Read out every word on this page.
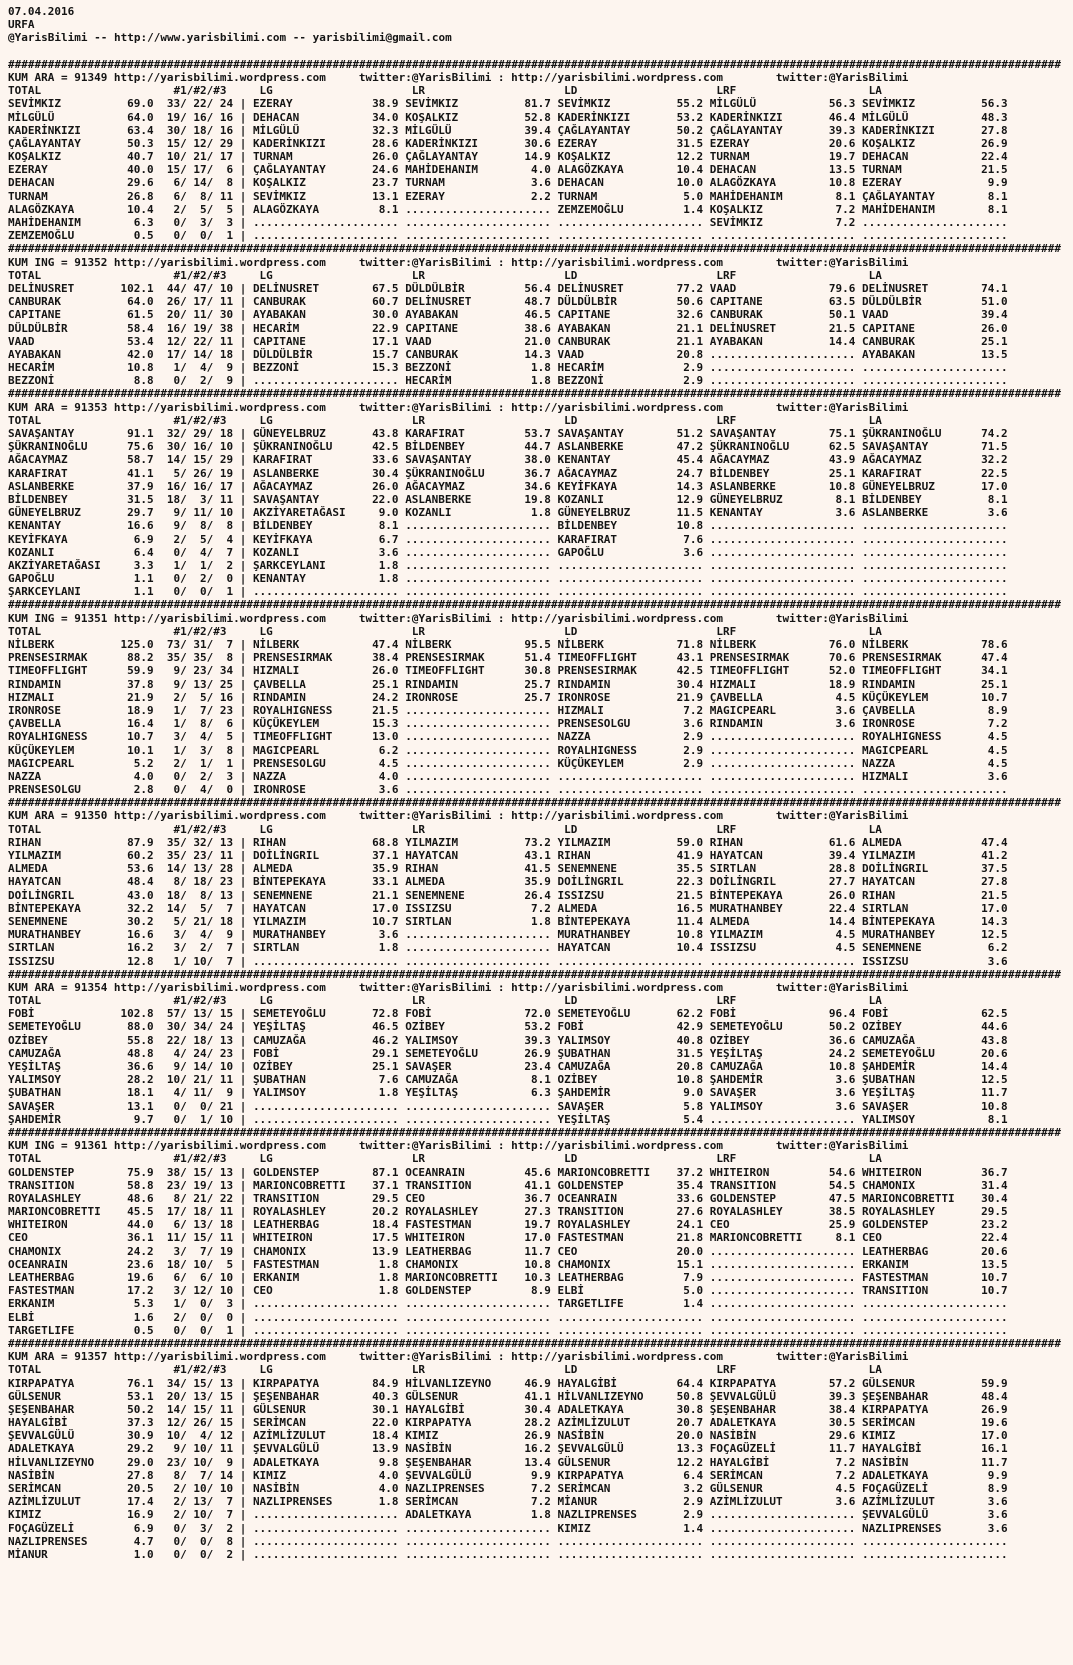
07.04.2016
URFA
@YarisBilimi -- http://www.yarisbilimi.com -- yarisbilimi@gmail.com
###############################################################################################################################################################
KUM ARA = 91349 http://yarisbilimi.wordpress.com	twitter:@YarisBilimi : http://yarisbilimi.wordpress.com	twitter:@YarisBilimi
TOTAL	#1/#2/#3	LG	LR	LD	LRF	LA
SEVİMKIZ	69.0	33 / 22 / 24 | EZERAY	38.9 SEVİMKIZ	81.7 SEVİMKIZ	55.2 MİLGÜLÜ	56.3 SEVİMKIZ	56.3
MİLGÜLÜ	64.0	19 / 16 / 16 | DEHACAN	34.0 KOŞALKIZ	52.8 KADERİNKIZI	53.2 KADERİNKIZI	46.4 MİLGÜLÜ	48.3
KADERİNKIZI	63.4	30 / 18 / 16 | MİLGÜLÜ	32.3 MİLGÜLÜ	39.4 ÇAĞLAYANTAY	50.2 ÇAĞLAYANTAY	39.3 KADERİNKIZI	27.8
ÇAĞLAYANTAY	50.3	15 / 12 / 29 | KADERİNKIZI	28.6 KADERİNKIZI	30.6 EZERAY	31.5 EZERAY	20.6 KOŞALKIZ	26.9
KOŞALKIZ	40.7	10 / 21 / 17 | TURNAM	26.0 ÇAĞLAYANTAY	14.9 KOŞALKIZ	12.2 TURNAM	19.7 DEHACAN	22.4
EZERAY	40.0	15 / 17 /	6 | ÇAĞLAYANTAY	24.6 MAHİDEHANIM	4.0 ALAGÖZKAYA	10.4 DEHACAN	13.5 TURNAM	21.5
DEHACAN	29.6	6 / 14 /	8 | KOŞALKIZ	23.7 TURNAM	3.6 DEHACAN	10.0 ALAGÖZKAYA	10.8 EZERAY	9.9
TURNAM	26.8	6 /	8 / 11 | SEVİMKIZ	13.1 EZERAY	2.2 TURNAM	5.0 MAHİDEHANIM	8.1 ÇAĞLAYANTAY	8.1
ALAGÖZKAYA	10.4	2 /	5 /	5 | ALAGÖZKAYA	8.1 ...................... ZEMZEMOĞLU	1.4 KOŞALKIZ	7.2 MAHİDEHANIM	8.1
MAHİDEHANIM	6.3	0 /	3 /	3 | ...................... ...................... ...................... SEVİMKIZ	7.2 ......................
ZEMZEMOĞLU	0.5	0 /	0 /	1 | ...................... ...................... ...................... ...................... ......................
###############################################################################################################################################################
KUM ING = 91352 http://yarisbilimi.wordpress.com	twitter:@YarisBilimi : http://yarisbilimi.wordpress.com	twitter:@YarisBilimi
TOTAL	#1/#2/#3	LG	LR	LD	LRF	LA
DELİNUSRET	102.1	44 / 47 / 10 | DELİNUSRET	67.5 DÜLDÜLBİR	56.4 DELİNUSRET	77.2 VAAD	79.6 DELİNUSRET	74.1
CANBURAK	64.0	26 / 17 / 11 | CANBURAK	60.7 DELİNUSRET	48.7 DÜLDÜLBİR	50.6 CAPITANE	63.5 DÜLDÜLBİR	51.0
CAPITANE	61.5	20 / 11 / 30 | AYABAKAN	30.0 AYABAKAN	46.5 CAPITANE	32.6 CANBURAK	50.1 VAAD	39.4
DÜLDÜLBİR	58.4	16 / 19 / 38 | HECARİM	22.9 CAPITANE	38.6 AYABAKAN	21.1 DELİNUSRET	21.5 CAPITANE	26.0
VAAD	53.4	12 / 22 / 11 | CAPITANE	17.1 VAAD	21.0 CANBURAK	21.1 AYABAKAN	14.4 CANBURAK	25.1
AYABAKAN	42.0	17 / 14 / 18 | DÜLDÜLBİR	15.7 CANBURAK	14.3 VAAD	20.8 ...................... AYABAKAN	13.5
HECARİM	10.8	1 /	4 /	9 | BEZZONİ	15.3 BEZZONİ	1.8 HECARİM	2.9 ...................... ......................
BEZZONİ	8.8	0 /	2 /	9 | ...................... HECARİM	1.8 BEZZONİ	2.9 ...................... ......................
###############################################################################################################################################################
KUM ARA = 91353 http://yarisbilimi.wordpress.com	twitter:@YarisBilimi : http://yarisbilimi.wordpress.com	twitter:@YarisBilimi
TOTAL	#1/#2/#3	LG	LR	LD	LRF	LA
SAVAŞANTAY	91.1	32 / 29 / 18 | GÜNEYELBRUZ	43.8 KARAFIRAT	53.7 SAVAŞANTAY	51.2 SAVAŞANTAY	75.1 ŞÜKRANINOĞLU	74.2
ŞÜKRANINOĞLU	75.6	30 / 16 / 10 | ŞÜKRANINOĞLU	42.5 BİLDENBEY	44.7 ASLANBERKE	47.2 ŞÜKRANINOĞLU	62.5 SAVAŞANTAY	71.5
AĞACAYMAZ	58.7	14 / 15 / 29 | KARAFIRAT	33.6 SAVAŞANTAY	38.0 KENANTAY	45.4 AĞACAYMAZ	43.9 AĞACAYMAZ	32.2
KARAFIRAT	41.1	5 / 26 / 19 | ASLANBERKE	30.4 ŞÜKRANINOĞLU	36.7 AĞACAYMAZ	24.7 BİLDENBEY	25.1 KARAFIRAT	22.5
ASLANBERKE	37.9	16 / 16 / 17 | AĞACAYMAZ	26.0 AĞACAYMAZ	34.6 KEYİFKAYA	14.3 ASLANBERKE	10.8 GÜNEYELBRUZ	17.0
BİLDENBEY	31.5	18 /	3 / 11 | SAVAŞANTAY	22.0 ASLANBERKE	19.8 KOZANLI	12.9 GÜNEYELBRUZ	8.1 BİLDENBEY	8.1
GÜNEYELBRUZ	29.7	9 / 11 / 10 | AKZİYARETAĞASI	9.0 KOZANLI	1.8 GÜNEYELBRUZ	11.5 KENANTAY	3.6 ASLANBERKE	3.6
KENANTAY	16.6	9 /	8 /	8 | BİLDENBEY	8.1 ...................... BİLDENBEY	10.8 ...................... ......................
KEYİFKAYA	6.9	2 /	5 /	4 | KEYİFKAYA	6.7 ...................... KARAFIRAT	7.6 ...................... ......................
KOZANLI	6.4	0 /	4 /	7 | KOZANLI	3.6 ...................... GAPOĞLU	3.6 ...................... ......................
AKZİYARETAĞASI	3.3	1 /	1 /	2 | ŞARKCEYLANI	1.8 ...................... ...................... ...................... ......................
GAPOĞLU	1.1	0 /	2 /	0 | KENANTAY	1.8 ...................... ...................... ...................... ......................
ŞARKCEYLANI	1.1	0 /	0 /	1 | ...................... ...................... ...................... ...................... ......................
###############################################################################################################################################################
KUM ING = 91351 http://yarisbilimi.wordpress.com	twitter:@YarisBilimi : http://yarisbilimi.wordpress.com	twitter:@YarisBilimi
TOTAL	#1/#2/#3	LG	LR	LD	LRF	LA
NİLBERK	125.0	73 / 31 /	7 | NİLBERK	47.4 NİLBERK	95.5 NİLBERK	71.8 NİLBERK	76.0 NİLBERK	78.6
PRENSESIRMAK	88.2	35 / 35 /	8 | PRENSESIRMAK	38.4 PRENSESIRMAK	51.4 TIMEOFFLIGHT	43.1 PRENSESIRMAK	70.6 PRENSESIRMAK	47.4
TIMEOFFLIGHT	59.9	9 / 23 / 34 | HIZMALI	26.0 TIMEOFFLIGHT	30.8 PRENSESIRMAK	42.5 TIMEOFFLIGHT	52.0 TIMEOFFLIGHT	34.1
RINDAMIN	37.8	9 / 13 / 25 | ÇAVBELLA	25.1 RINDAMIN	25.7 RINDAMIN	30.4 HIZMALI	18.9 RINDAMIN	25.1
HIZMALI	21.9	2 /	5 / 16 | RINDAMIN	24.2 IRONROSE	25.7 IRONROSE	21.9 ÇAVBELLA	4.5 KÜÇÜKEYLEM	10.7
IRONROSE	18.9	1 /	7 / 23 | ROYALHIGNESS	21.5 ...................... HIZMALI	7.2 MAGICPEARL	3.6 ÇAVBELLA	8.9
ÇAVBELLA	16.4	1 /	8 /	6 | KÜÇÜKEYLEM	15.3 ...................... PRENSESOLGU	3.6 RINDAMIN	3.6 IRONROSE	7.2
ROYALHIGNESS	10.7	3 /	4 /	5 | TIMEOFFLIGHT	13.0 ...................... NAZZA	2.9 ...................... ROYALHIGNESS	4.5
KÜÇÜKEYLEM	10.1	1 /	3 /	8 | MAGICPEARL	6.2 ...................... ROYALHIGNESS	2.9 ...................... MAGICPEARL	4.5
MAGICPEARL	5.2	2 /	1 /	1 | PRENSESOLGU	4.5 ...................... KÜÇÜKEYLEM	2.9 ...................... NAZZA	4.5
NAZZA	4.0	0 /	2 /	3 | NAZZA	4.0 ...................... ...................... ...................... HIZMALI	3.6
PRENSESOLGU	2.8	0 /	4 /	0 | IRONROSE	3.6 ...................... ...................... ...................... ......................
###############################################################################################################################################################
KUM ARA = 91350 http://yarisbilimi.wordpress.com	twitter:@YarisBilimi : http://yarisbilimi.wordpress.com	twitter:@YarisBilimi
TOTAL	#1/#2/#3	LG	LR	LD	LRF	LA
RIHAN	87.9	35 / 32 / 13 | RIHAN	68.8 YILMAZIM	73.2 YILMAZIM	59.0 RIHAN	61.6 ALMEDA	47.4
YILMAZIM	60.2	35 / 23 / 11 | DOİLİNGRIL	37.1 HAYATCAN	43.1 RIHAN	41.9 HAYATCAN	39.4 YILMAZIM	41.2
ALMEDA	53.6	14 / 13 / 28 | ALMEDA	35.9 RIHAN	41.5 SENEMNENE	35.5 SIRTLAN	28.8 DOİLİNGRIL	37.5
HAYATCAN	48.4	8 / 18 / 23 | BİNTEPEKAYA	33.1 ALMEDA	35.9 DOİLİNGRIL	22.3 DOİLİNGRIL	27.7 HAYATCAN	27.8
DOİLİNGRIL	43.0	18 /	8 / 13 | SENEMNENE	21.1 SENEMNENE	26.4 ISSIZSU	21.5 BİNTEPEKAYA	26.0 RIHAN	21.5
BİNTEPEKAYA	32.2	14 /	5 /	7 | HAYATCAN	17.0 ISSIZSU	7.2 ALMEDA	16.5 MURATHANBEY	22.4 SIRTLAN	17.0
SENEMNENE	30.2	5 / 21 / 18 | YILMAZIM	10.7 SIRTLAN	1.8 BİNTEPEKAYA	11.4 ALMEDA	14.4 BİNTEPEKAYA	14.3
MURATHANBEY	16.6	3 /	4 /	9 | MURATHANBEY	3.6 ...................... MURATHANBEY	10.8 YILMAZIM	4.5 MURATHANBEY	12.5
SIRTLAN	16.2	3 /	2 /	7 | SIRTLAN	1.8 ...................... HAYATCAN	10.4 ISSIZSU	4.5 SENEMNENE	6.2
ISSIZSU	12.8	1 / 10 /	7 | ...................... ...................... ...................... ...................... ISSIZSU	3.6
###############################################################################################################################################################
KUM ARA = 91354 http://yarisbilimi.wordpress.com	twitter:@YarisBilimi : http://yarisbilimi.wordpress.com	twitter:@YarisBilimi
TOTAL	#1/#2/#3	LG	LR	LD	LRF	LA
FOBİ	102.8	57 / 13 / 15 | SEMETEYOĞLU	72.8 FOBİ	72.0 SEMETEYOĞLU	62.2 FOBİ	96.4 FOBİ	62.5
SEMETEYOĞLU	88.0	30 / 34 / 24 | YEŞİLTAŞ	46.5 OZİBEY	53.2 FOBİ	42.9 SEMETEYOĞLU	50.2 OZİBEY	44.6
OZİBEY	55.8	22 / 18 / 13 | CAMUZAĞA	46.2 YALIMSOY	39.3 YALIMSOY	40.8 OZİBEY	36.6 CAMUZAĞA	43.8
CAMUZAĞA	48.8	4 / 24 / 23 | FOBİ	29.1 SEMETEYOĞLU	26.9 ŞUBATHAN	31.5 YEŞİLTAŞ	24.2 SEMETEYOĞLU	20.6
YEŞİLTAŞ	36.6	9 / 14 / 10 | OZİBEY	25.1 SAVAŞER	23.4 CAMUZAĞA	20.8 CAMUZAĞA	10.8 ŞAHDEMİR	14.4
YALIMSOY	28.2	10 / 21 / 11 | ŞUBATHAN	7.6 CAMUZAĞA	8.1 OZİBEY	10.8 ŞAHDEMİR	3.6 ŞUBATHAN	12.5
ŞUBATHAN	18.1	4 / 11 /	9 | YALIMSOY	1.8 YEŞİLTAŞ	6.3 ŞAHDEMİR	9.0 SAVAŞER	3.6 YEŞİLTAŞ	11.7
SAVAŞER	13.1	0 /	0 / 21 | ...................... ...................... SAVAŞER	5.8 YALIMSOY	3.6 SAVAŞER	10.8
ŞAHDEMİR	9.7	0 /	1 / 10 | ...................... ...................... YEŞİLTAŞ	5.4 ...................... YALIMSOY	8.1
###############################################################################################################################################################
KUM ING = 91361 http://yarisbilimi.wordpress.com	twitter:@YarisBilimi : http://yarisbilimi.wordpress.com	twitter:@YarisBilimi
TOTAL	#1/#2/#3	LG	LR	LD	LRF	LA
GOLDENSTEP	75.9	38 / 15 / 13 | GOLDENSTEP	87.1 OCEANRAIN	45.6 MARIONCOBRETTI	37.2 WHITEIRON	54.6 WHITEIRON	36.7
TRANSITION	58.8	23 / 19 / 13 | MARIONCOBRETTI	37.1 TRANSITION	41.1 GOLDENSTEP	35.4 TRANSITION	54.5 CHAMONIX	31.4
ROYALASHLEY	48.6	8 / 21 / 22 | TRANSITION	29.5 CEO	36.7 OCEANRAIN	33.6 GOLDENSTEP	47.5 MARIONCOBRETTI	30.4
MARIONCOBRETTI	45.5	17 / 18 / 11 | ROYALASHLEY	20.2 ROYALASHLEY	27.3 TRANSITION	27.6 ROYALASHLEY	38.5 ROYALASHLEY	29.5
WHITEIRON	44.0	6 / 13 / 18 | LEATHERBAG	18.4 FASTESTMAN	19.7 ROYALASHLEY	24.1 CEO	25.9 GOLDENSTEP	23.2
CEO	36.1	11 / 15 / 11 | WHITEIRON	17.5 WHITEIRON	17.0 FASTESTMAN	21.8 MARIONCOBRETTI	8.1 CEO	22.4
CHAMONIX	24.2	3 /	7 / 19 | CHAMONIX	13.9 LEATHERBAG	11.7 CEO	20.0 ...................... LEATHERBAG	20.6
OCEANRAIN	23.6	18 / 10 /	5 | FASTESTMAN	1.8 CHAMONIX	10.8 CHAMONIX	15.1 ...................... ERKANIM	13.5
LEATHERBAG	19.6	6 /	6 / 10 | ERKANIM	1.8 MARIONCOBRETTI	10.3 LEATHERBAG	7.9 ...................... FASTESTMAN	10.7
FASTESTMAN	17.2	3 / 12 / 10 | CEO	1.8 GOLDENSTEP	8.9 ELBİ	5.0 ...................... TRANSITION	10.7
ERKANIM	5.3	1 /	0 /	3 | ...................... ...................... TARGETLIFE	1.4 ...................... ......................
ELBİ	1.6	2 /	0 /	0 | ...................... ...................... ...................... ...................... ......................
TARGETLIFE	0.5	0 /	0 /	1 | ...................... ...................... ...................... ...................... ......................
###############################################################################################################################################################
KUM ARA = 91357 http://yarisbilimi.wordpress.com	twitter:@YarisBilimi : http://yarisbilimi.wordpress.com	twitter:@YarisBilimi
TOTAL	#1/#2/#3	LG	LR	LD	LRF	LA
KIRPAPATYA	76.1	34 / 15 / 13 | KIRPAPATYA	84.9 HİLVANLIZEYNO	46.9 HAYALGİBİ	64.4 KIRPAPATYA	57.2 GÜLSENUR	59.9
GÜLSENUR	53.1	20 / 13 / 15 | ŞEŞENBAHAR	40.3 GÜLSENUR	41.1 HİLVANLIZEYNO	50.8 ŞEVVALGÜLÜ	39.3 ŞEŞENBAHAR	48.4
ŞEŞENBAHAR	50.2	14 / 15 / 11 | GÜLSENUR	30.1 HAYALGİBİ	30.4 ADALETKAYA	30.8 ŞEŞENBAHAR	38.4 KIRPAPATYA	26.9
HAYALGİBİ	37.3	12 / 26 / 15 | SERİMCAN	22.0 KIRPAPATYA	28.2 AZİMLİZULUT	20.7 ADALETKAYA	30.5 SERİMCAN	19.6
ŞEVVALGÜLÜ	30.9	10 /	4 / 12 | AZİMLİZULUT	18.4 KIMIZ	26.9 NASİBİN	20.0 NASİBİN	29.6 KIMIZ	17.0
ADALETKAYA	29.2	9 / 10 / 11 | ŞEVVALGÜLÜ	13.9 NASİBİN	16.2 ŞEVVALGÜLÜ	13.3 FOÇAGÜZELİ	11.7 HAYALGİBİ	16.1
HİLVANLIZEYNO	29.0	23 / 10 /	9 | ADALETKAYA	9.8 ŞEŞENBAHAR	13.4 GÜLSENUR	12.2 HAYALGİBİ	7.2 NASİBİN	11.7
NASİBİN	27.8	8 /	7 / 14 | KIMIZ	4.0 ŞEVVALGÜLÜ	9.9 KIRPAPATYA	6.4 SERİMCAN	7.2 ADALETKAYA	9.9
SERİMCAN	20.5	2 / 10 / 10 | NASİBİN	4.0 NAZLIPRENSES	7.2 SERİMCAN	3.2 GÜLSENUR	4.5 FOÇAGÜZELİ	8.9
AZİMLİZULUT	17.4	2 / 13 /	7 | NAZLIPRENSES	1.8 SERİMCAN	7.2 MİANUR	2.9 AZİMLİZULUT	3.6 AZİMLİZULUT	3.6
KIMIZ	16.9	2 / 10 /	7 | ...................... ADALETKAYA	1.8 NAZLIPRENSES	2.9 ...................... ŞEVVALGÜLÜ	3.6
FOÇAGÜZELİ	6.9	0 /	3 /	2 | ...................... ...................... KIMIZ	1.4 ...................... NAZLIPRENSES	3.6
NAZLIPRENSES	4.7	0 /	0 /	8 | ...................... ...................... ...................... ...................... ......................
MİANUR	1.0	0 /	0 /	2 | ...................... ...................... ...................... ...................... ......................
